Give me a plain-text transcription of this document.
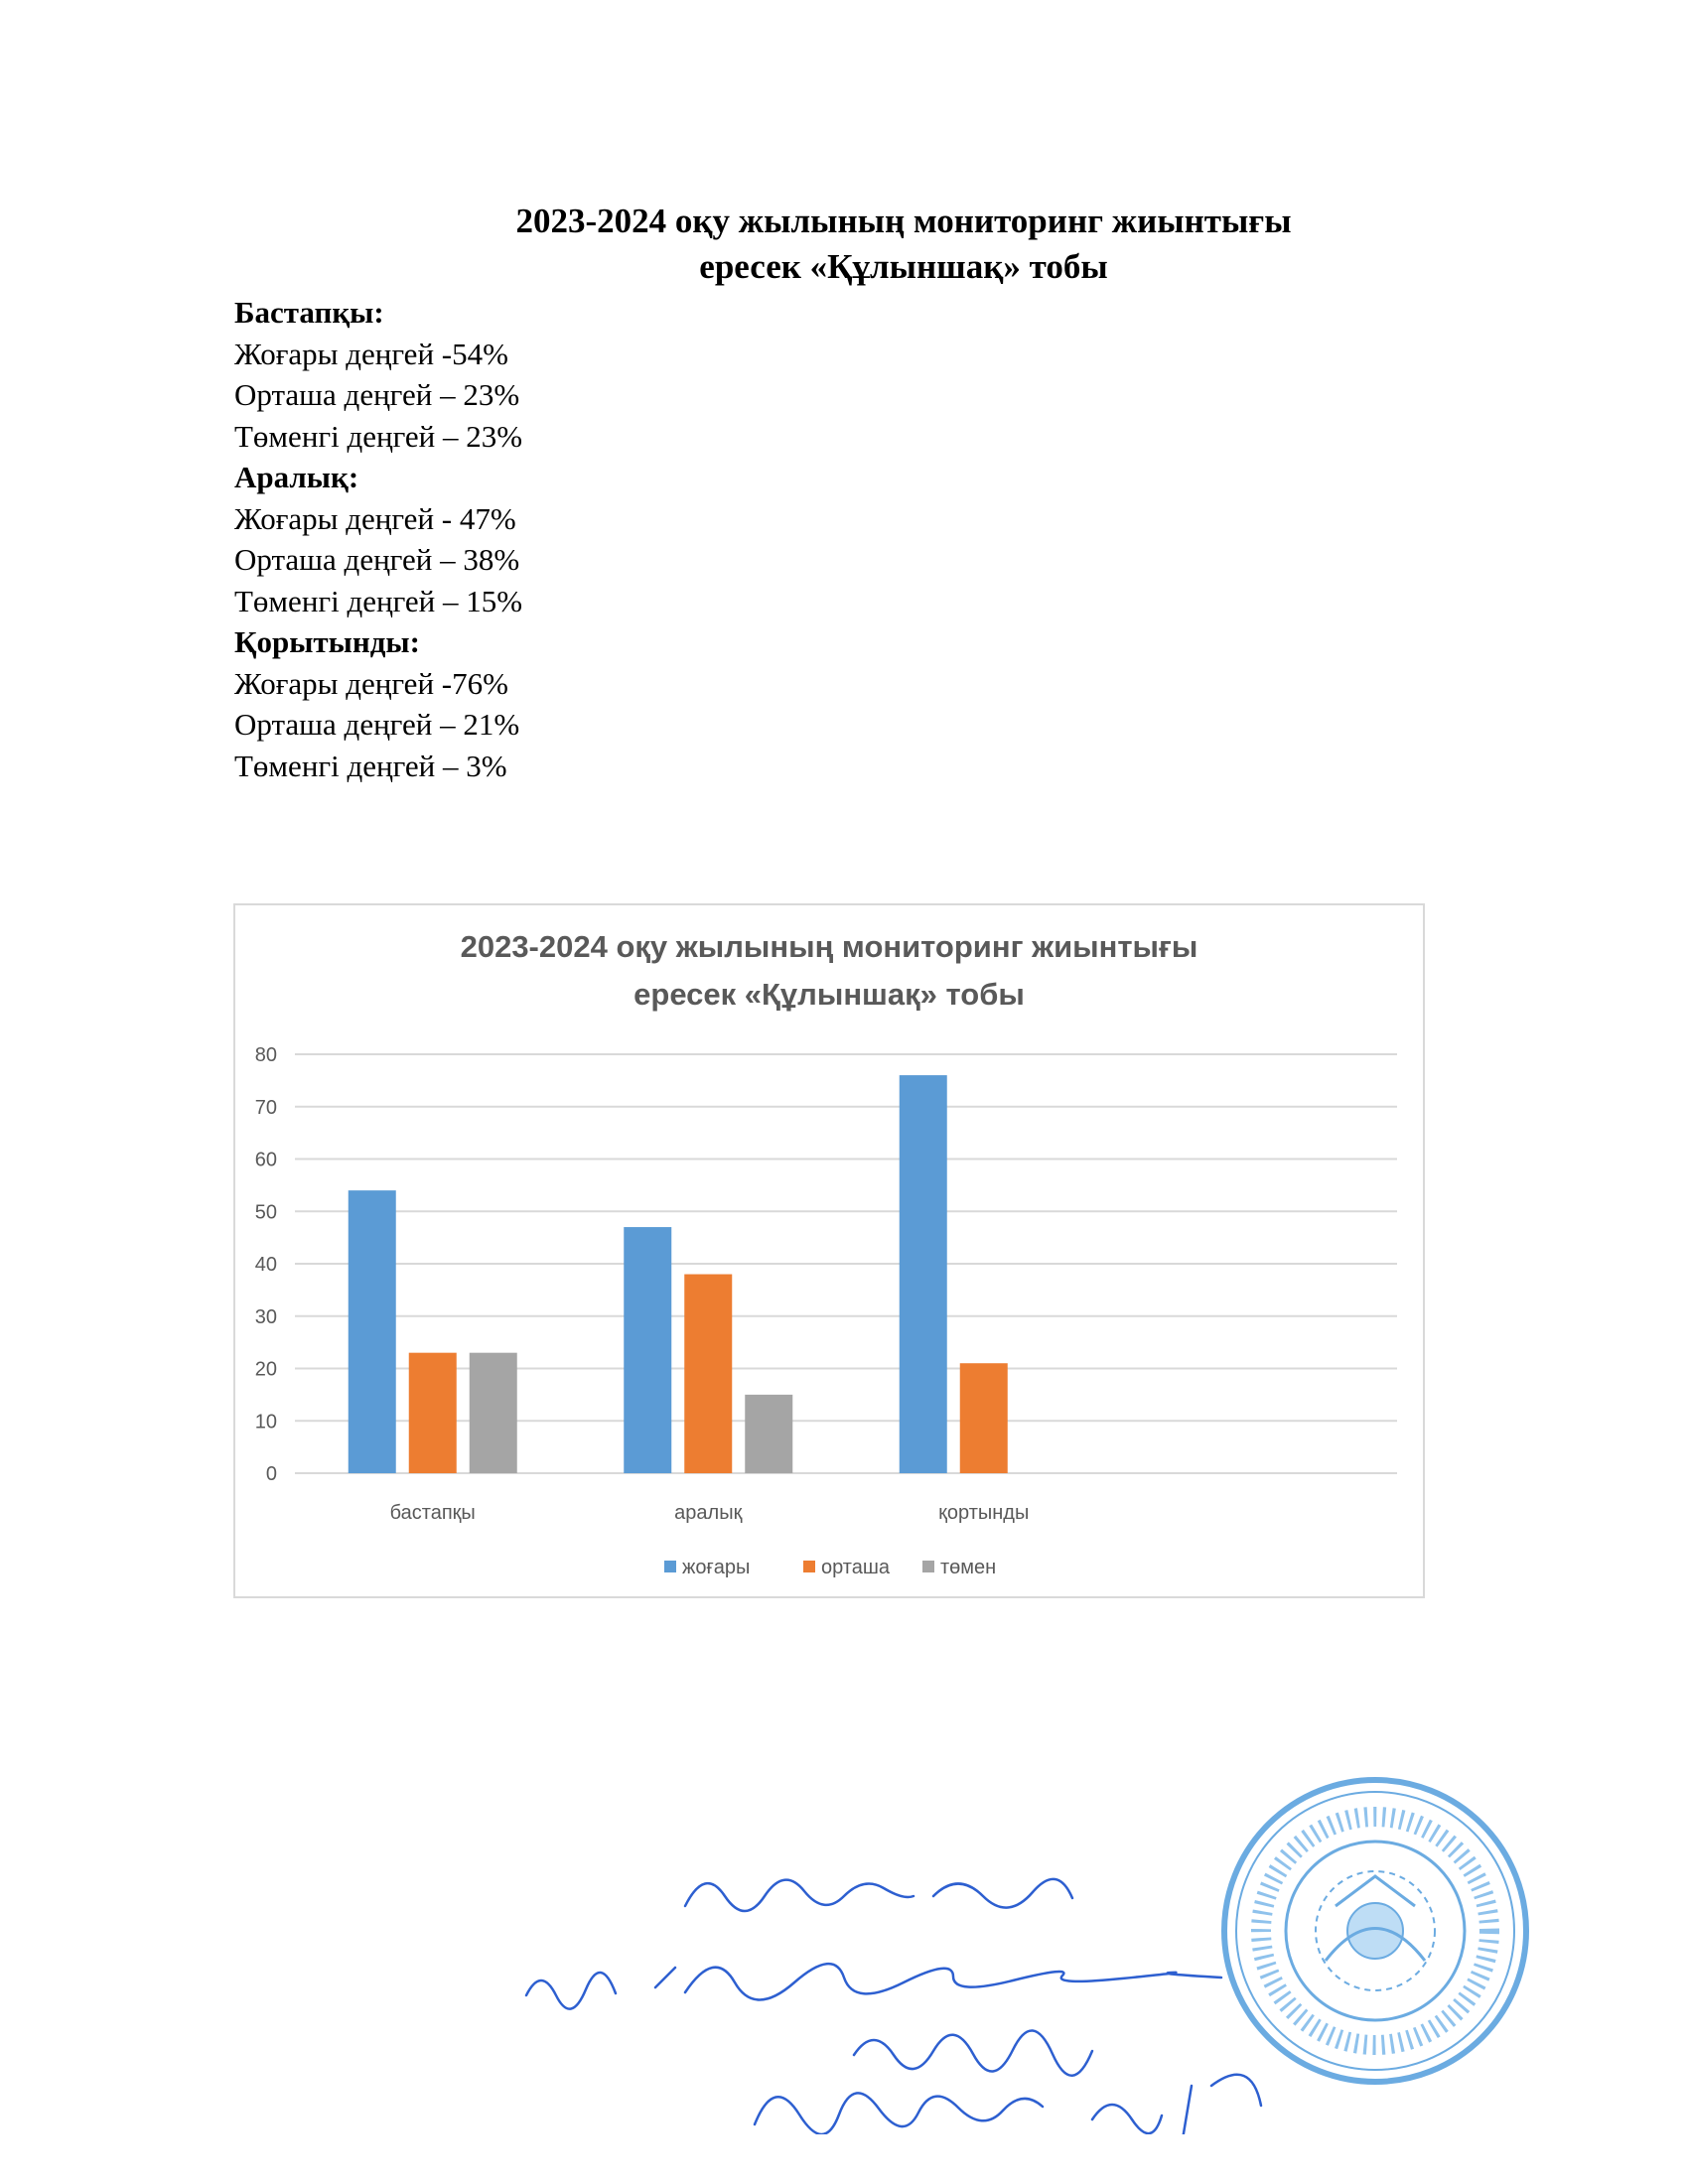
2023-2024 оқу жылының мониторинг жиынтығы
ересек «Құлыншақ» тобы
Бастапқы:
Жоғары деңгей -54%
Орташа деңгей – 23%
Төменгі деңгей – 23%
Аралық:
Жоғары деңгей - 47%
Орташа деңгей – 38%
Төменгі деңгей – 15%
Қорытынды:
Жоғары деңгей -76%
Орташа деңгей – 21%
Төменгі деңгей – 3%
2023-2024 оқу жылының мониторинг жиынтығы
ересек «Құлыншақ» тобы
0
10
20
30
40
50
60
70
80
бастапқы	аралық	қортынды
жоғары	орташа	төмен
